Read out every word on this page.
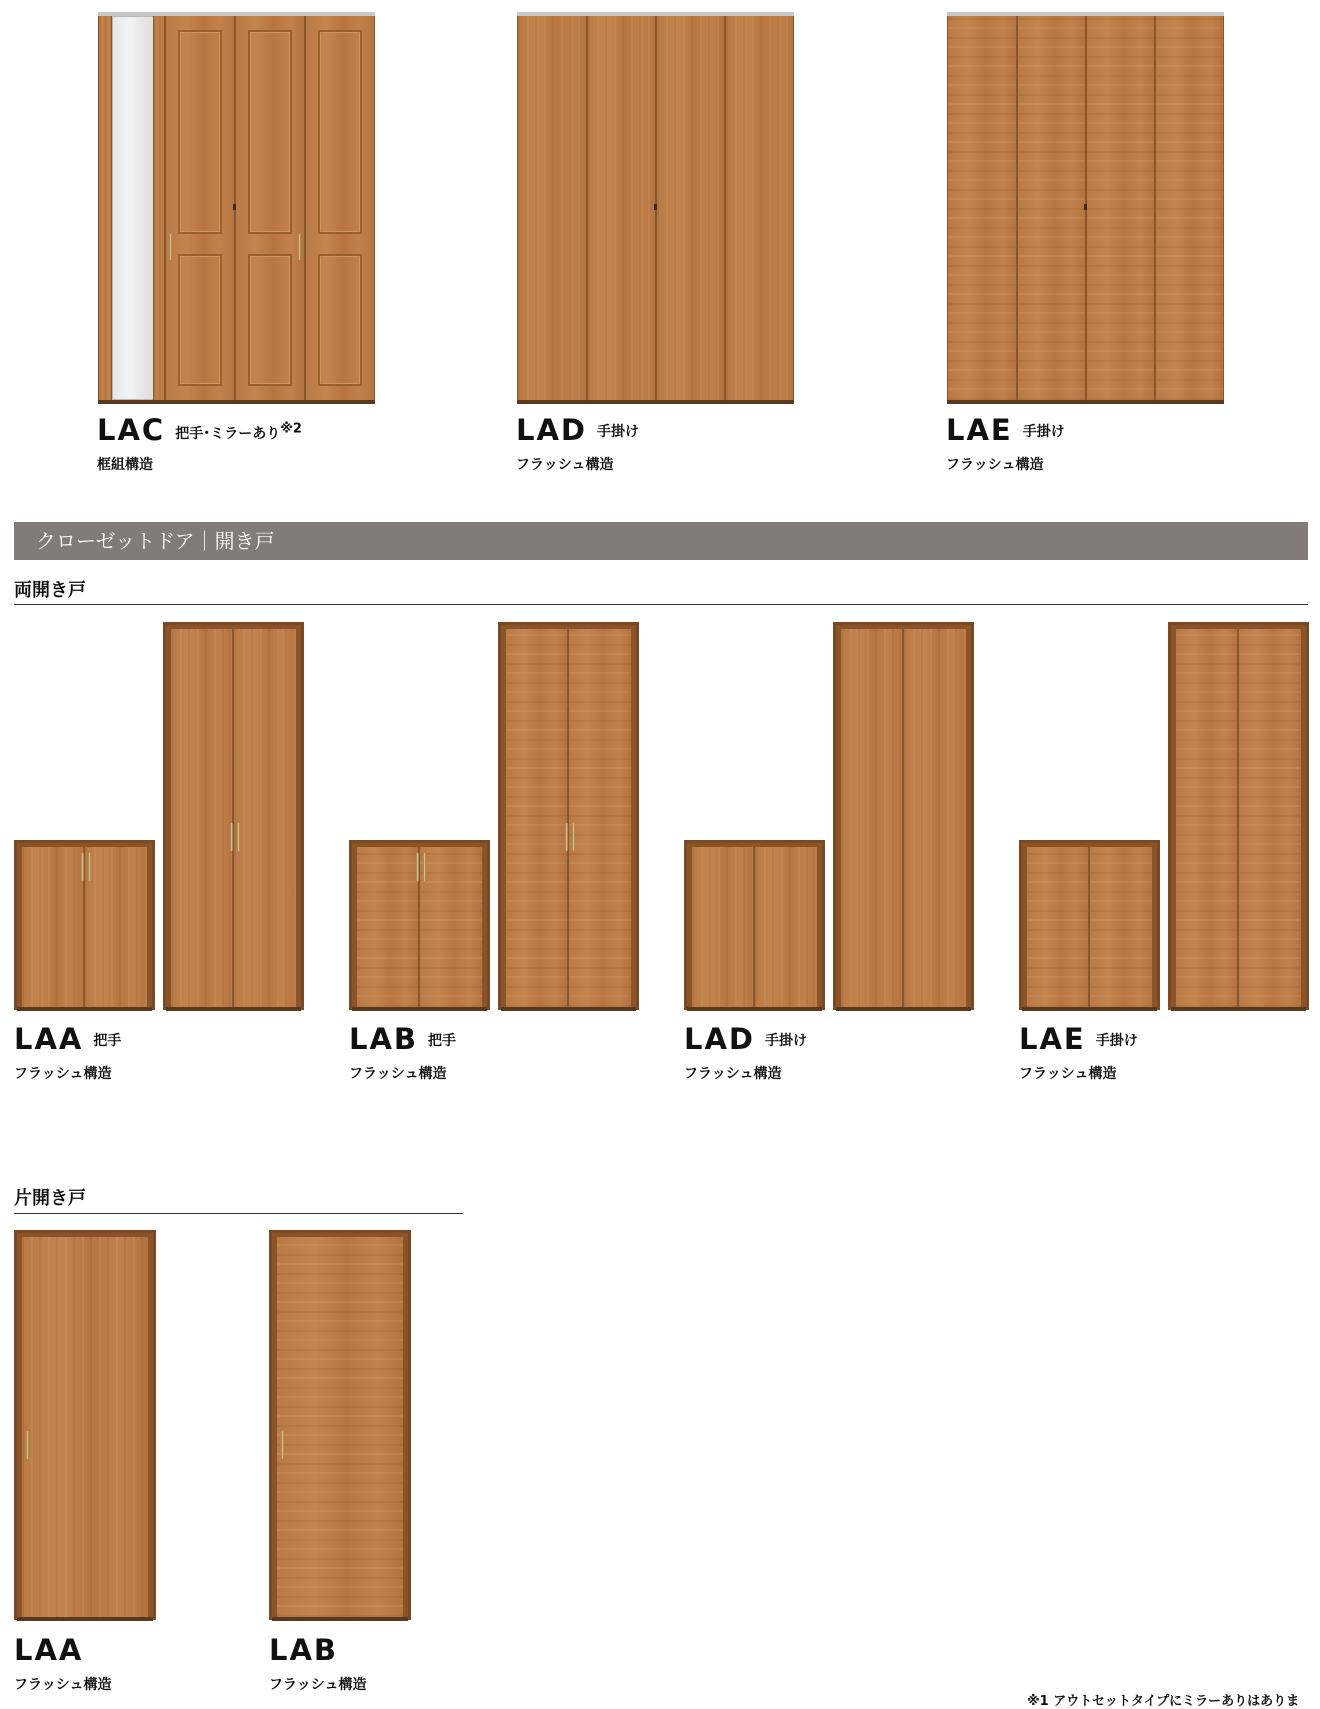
LAC 把手･ミラーあり$^{※2}$
框組構造
LAD 手掛け
フラッシュ構造
LAE 手掛け
フラッシュ構造
クローゼットドア｜開き戸
両開き戸
LAA 把手
フラッシュ構造
LAB 把手
フラッシュ構造
LAD 手掛け
フラッシュ構造
LAE 手掛け
フラッシュ構造
片開き戸
LAA
フラッシュ構造
LAB
フラッシュ構造
※1 アウトセットタイプにミラーありはありま
